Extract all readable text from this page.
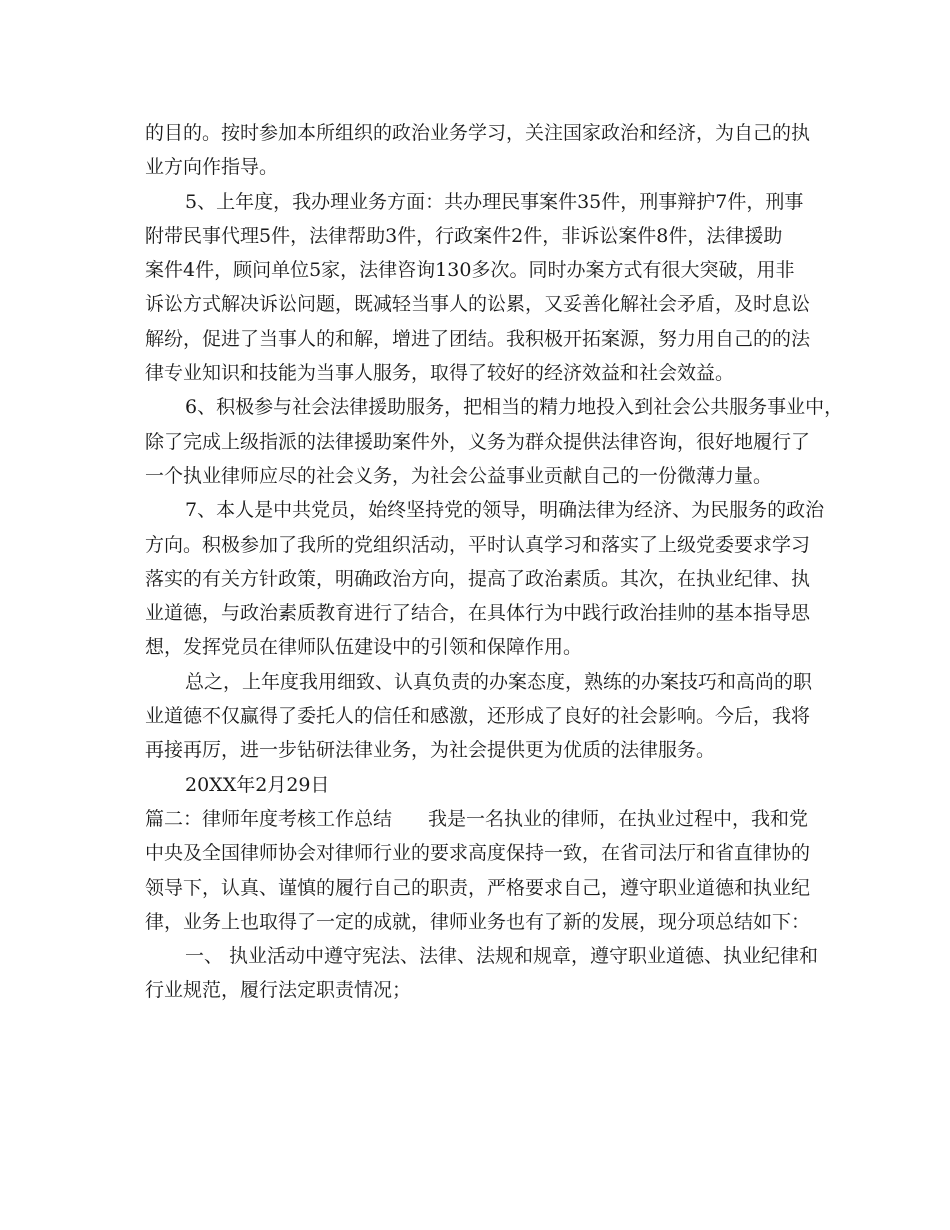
的目的。按时参加本所组织的政治业务学习，关注国家政治和经济，为自己的执
业方向作指导。
5、上年度，我办理业务方面：共办理民事案件35件，刑事辩护7件，刑事
附带民事代理5件，法律帮助3件，行政案件2件，非诉讼案件8件，法律援助
案件4件，顾问单位5家，法律咨询130多次。同时办案方式有很大突破，用非
诉讼方式解决诉讼问题，既减轻当事人的讼累，又妥善化解社会矛盾，及时息讼
解纷，促进了当事人的和解，增进了团结。我积极开拓案源，努力用自己的的法
律专业知识和技能为当事人服务，取得了较好的经济效益和社会效益。
6、积极参与社会法律援助服务，把相当的精力地投入到社会公共服务事业中，
除了完成上级指派的法律援助案件外，义务为群众提供法律咨询，很好地履行了
一个执业律师应尽的社会义务，为社会公益事业贡献自己的一份微薄力量。
7、本人是中共党员，始终坚持党的领导，明确法律为经济、为民服务的政治
方向。积极参加了我所的党组织活动，平时认真学习和落实了上级党委要求学习
落实的有关方针政策，明确政治方向，提高了政治素质。其次，在执业纪律、执
业道德，与政治素质教育进行了结合，在具体行为中践行政治挂帅的基本指导思
想，发挥党员在律师队伍建设中的引领和保障作用。
总之，上年度我用细致、认真负责的办案态度，熟练的办案技巧和高尚的职
业道德不仅赢得了委托人的信任和感激，还形成了良好的社会影响。今后，我将
再接再厉，进一步钻研法律业务，为社会提供更为优质的法律服务。
20XX年2月29日
篇二：律师年度考核工作总结 我是一名执业的律师，在执业过程中，我和党
中央及全国律师协会对律师行业的要求高度保持一致，在省司法厅和省直律协的
领导下，认真、谨慎的履行自己的职责，严格要求自己，遵守职业道德和执业纪
律，业务上也取得了一定的成就，律师业务也有了新的发展，现分项总结如下：
一、 执业活动中遵守宪法、法律、法规和规章，遵守职业道德、执业纪律和
行业规范，履行法定职责情况；
